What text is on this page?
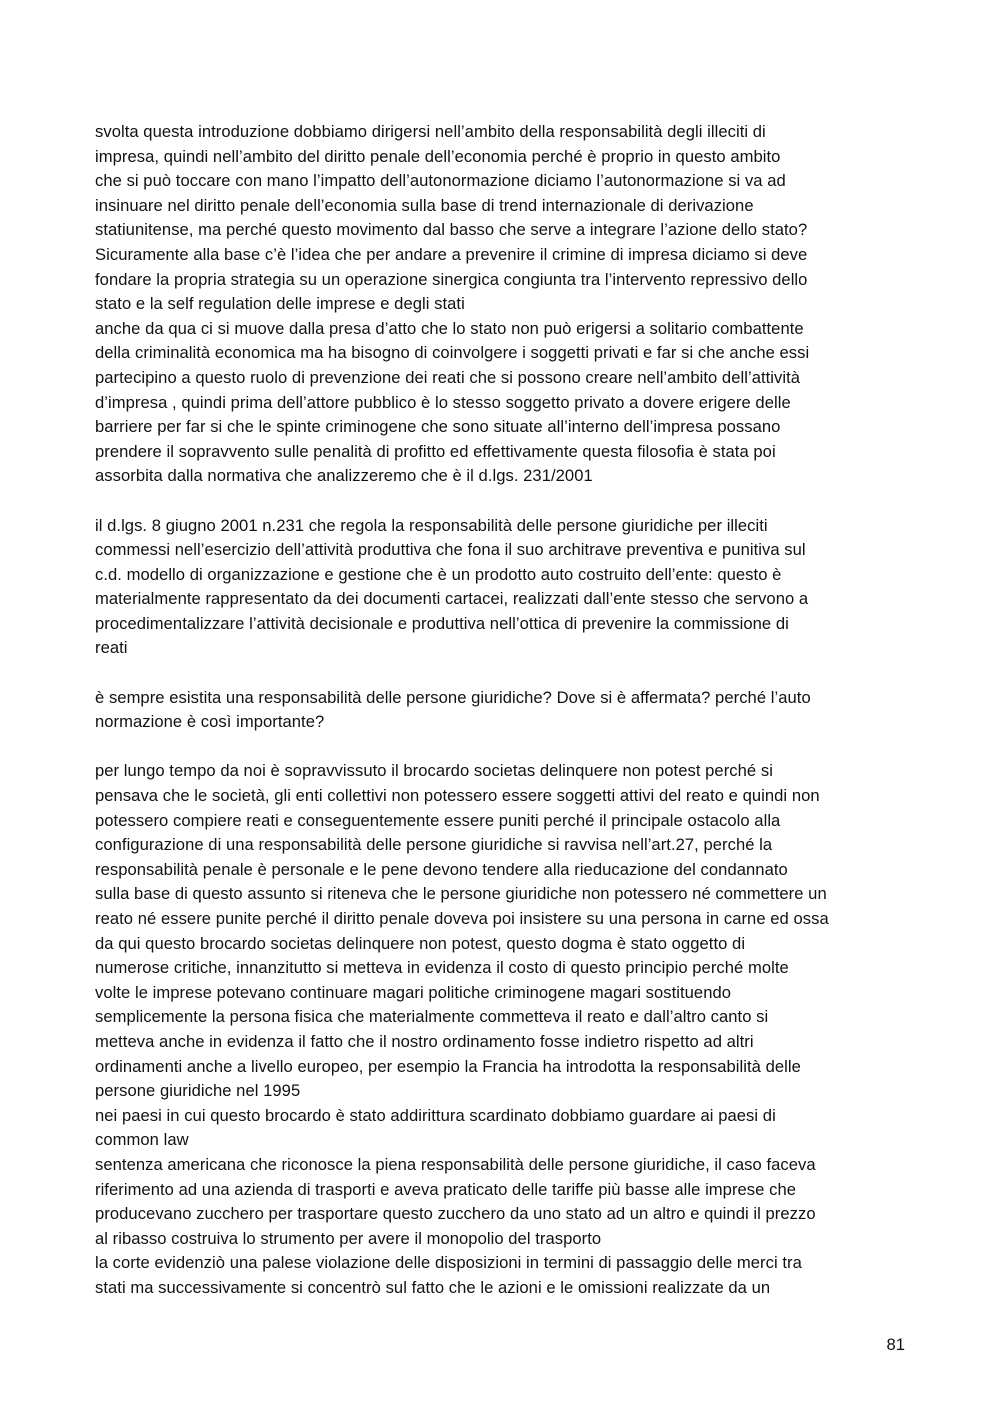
svolta questa introduzione dobbiamo dirigersi nell’ambito della responsabilità degli illeciti di
impresa, quindi nell’ambito del diritto penale dell’economia perché è proprio in questo ambito
che si può toccare con mano l’impatto dell’autonormazione diciamo l’autonormazione si va ad
insinuare nel diritto penale dell’economia sulla base di trend internazionale di derivazione
statiunitense, ma perché questo movimento dal basso che serve a integrare l’azione dello stato?
Sicuramente alla base c’è l’idea che per andare a prevenire il crimine di impresa diciamo si deve
fondare la propria strategia su un operazione sinergica congiunta tra l’intervento repressivo dello
stato e la self regulation delle imprese e degli stati
anche da qua ci si muove dalla presa d’atto che lo stato non può erigersi a solitario combattente
della criminalità economica ma ha bisogno di coinvolgere i soggetti privati e far si che anche essi
partecipino a questo ruolo di prevenzione dei reati che si possono creare nell’ambito dell’attività
d’impresa , quindi prima dell’attore pubblico è lo stesso soggetto privato a dovere erigere delle
barriere per far si che le spinte criminogene che sono situate all’interno dell’impresa possano
prendere il sopravvento sulle penalità di profitto ed effettivamente questa filosofia è stata poi
assorbita dalla normativa che analizzeremo che è il d.lgs. 231/2001
il d.lgs. 8 giugno 2001 n.231 che regola la responsabilità delle persone giuridiche per illeciti
commessi nell’esercizio dell’attività produttiva che fona il suo architrave preventiva e punitiva sul
c.d. modello di organizzazione e gestione che è un prodotto auto costruito dell’ente: questo è
materialmente rappresentato da dei documenti cartacei, realizzati dall’ente stesso che servono a
procedimentalizzare l’attività decisionale e produttiva nell’ottica di prevenire la commissione di
reati
è sempre esistita una responsabilità delle persone giuridiche? Dove si è affermata? perché l’auto
normazione è così importante?
per lungo tempo da noi è sopravvissuto il brocardo societas delinquere non potest perché si
pensava che le società, gli enti collettivi non potessero essere soggetti attivi del reato e quindi non
potessero compiere reati e conseguentemente essere puniti perché il principale ostacolo alla
configurazione di una responsabilità delle persone giuridiche si ravvisa nell’art.27, perché la
responsabilità penale è personale e le pene devono tendere alla rieducazione del condannato
sulla base di questo assunto si riteneva che le persone giuridiche non potessero né commettere un
reato né essere punite perché il diritto penale doveva poi insistere su una persona in carne ed ossa
da qui questo brocardo societas delinquere non potest, questo dogma è stato oggetto di
numerose critiche, innanzitutto si metteva in evidenza il costo di questo principio perché molte
volte le imprese potevano continuare magari politiche criminogene magari sostituendo
semplicemente la persona fisica che materialmente commetteva il reato e dall’altro canto si
metteva anche in evidenza il fatto che il nostro ordinamento fosse indietro rispetto ad altri
ordinamenti anche a livello europeo, per esempio la Francia ha introdotta la responsabilità delle
persone giuridiche nel 1995
nei paesi in cui questo brocardo è stato addirittura scardinato dobbiamo guardare ai paesi di
common law
sentenza americana che riconosce la piena responsabilità delle persone giuridiche, il caso faceva
riferimento ad una azienda di trasporti e aveva praticato delle tariffe più basse alle imprese che
producevano zucchero per trasportare questo zucchero da uno stato ad un altro e quindi il prezzo
al ribasso costruiva lo strumento per avere il monopolio del trasporto
la corte evidenziò una palese violazione delle disposizioni in termini di passaggio delle merci tra
stati ma successivamente si concentrò sul fatto che le azioni e le omissioni realizzate da un
81
